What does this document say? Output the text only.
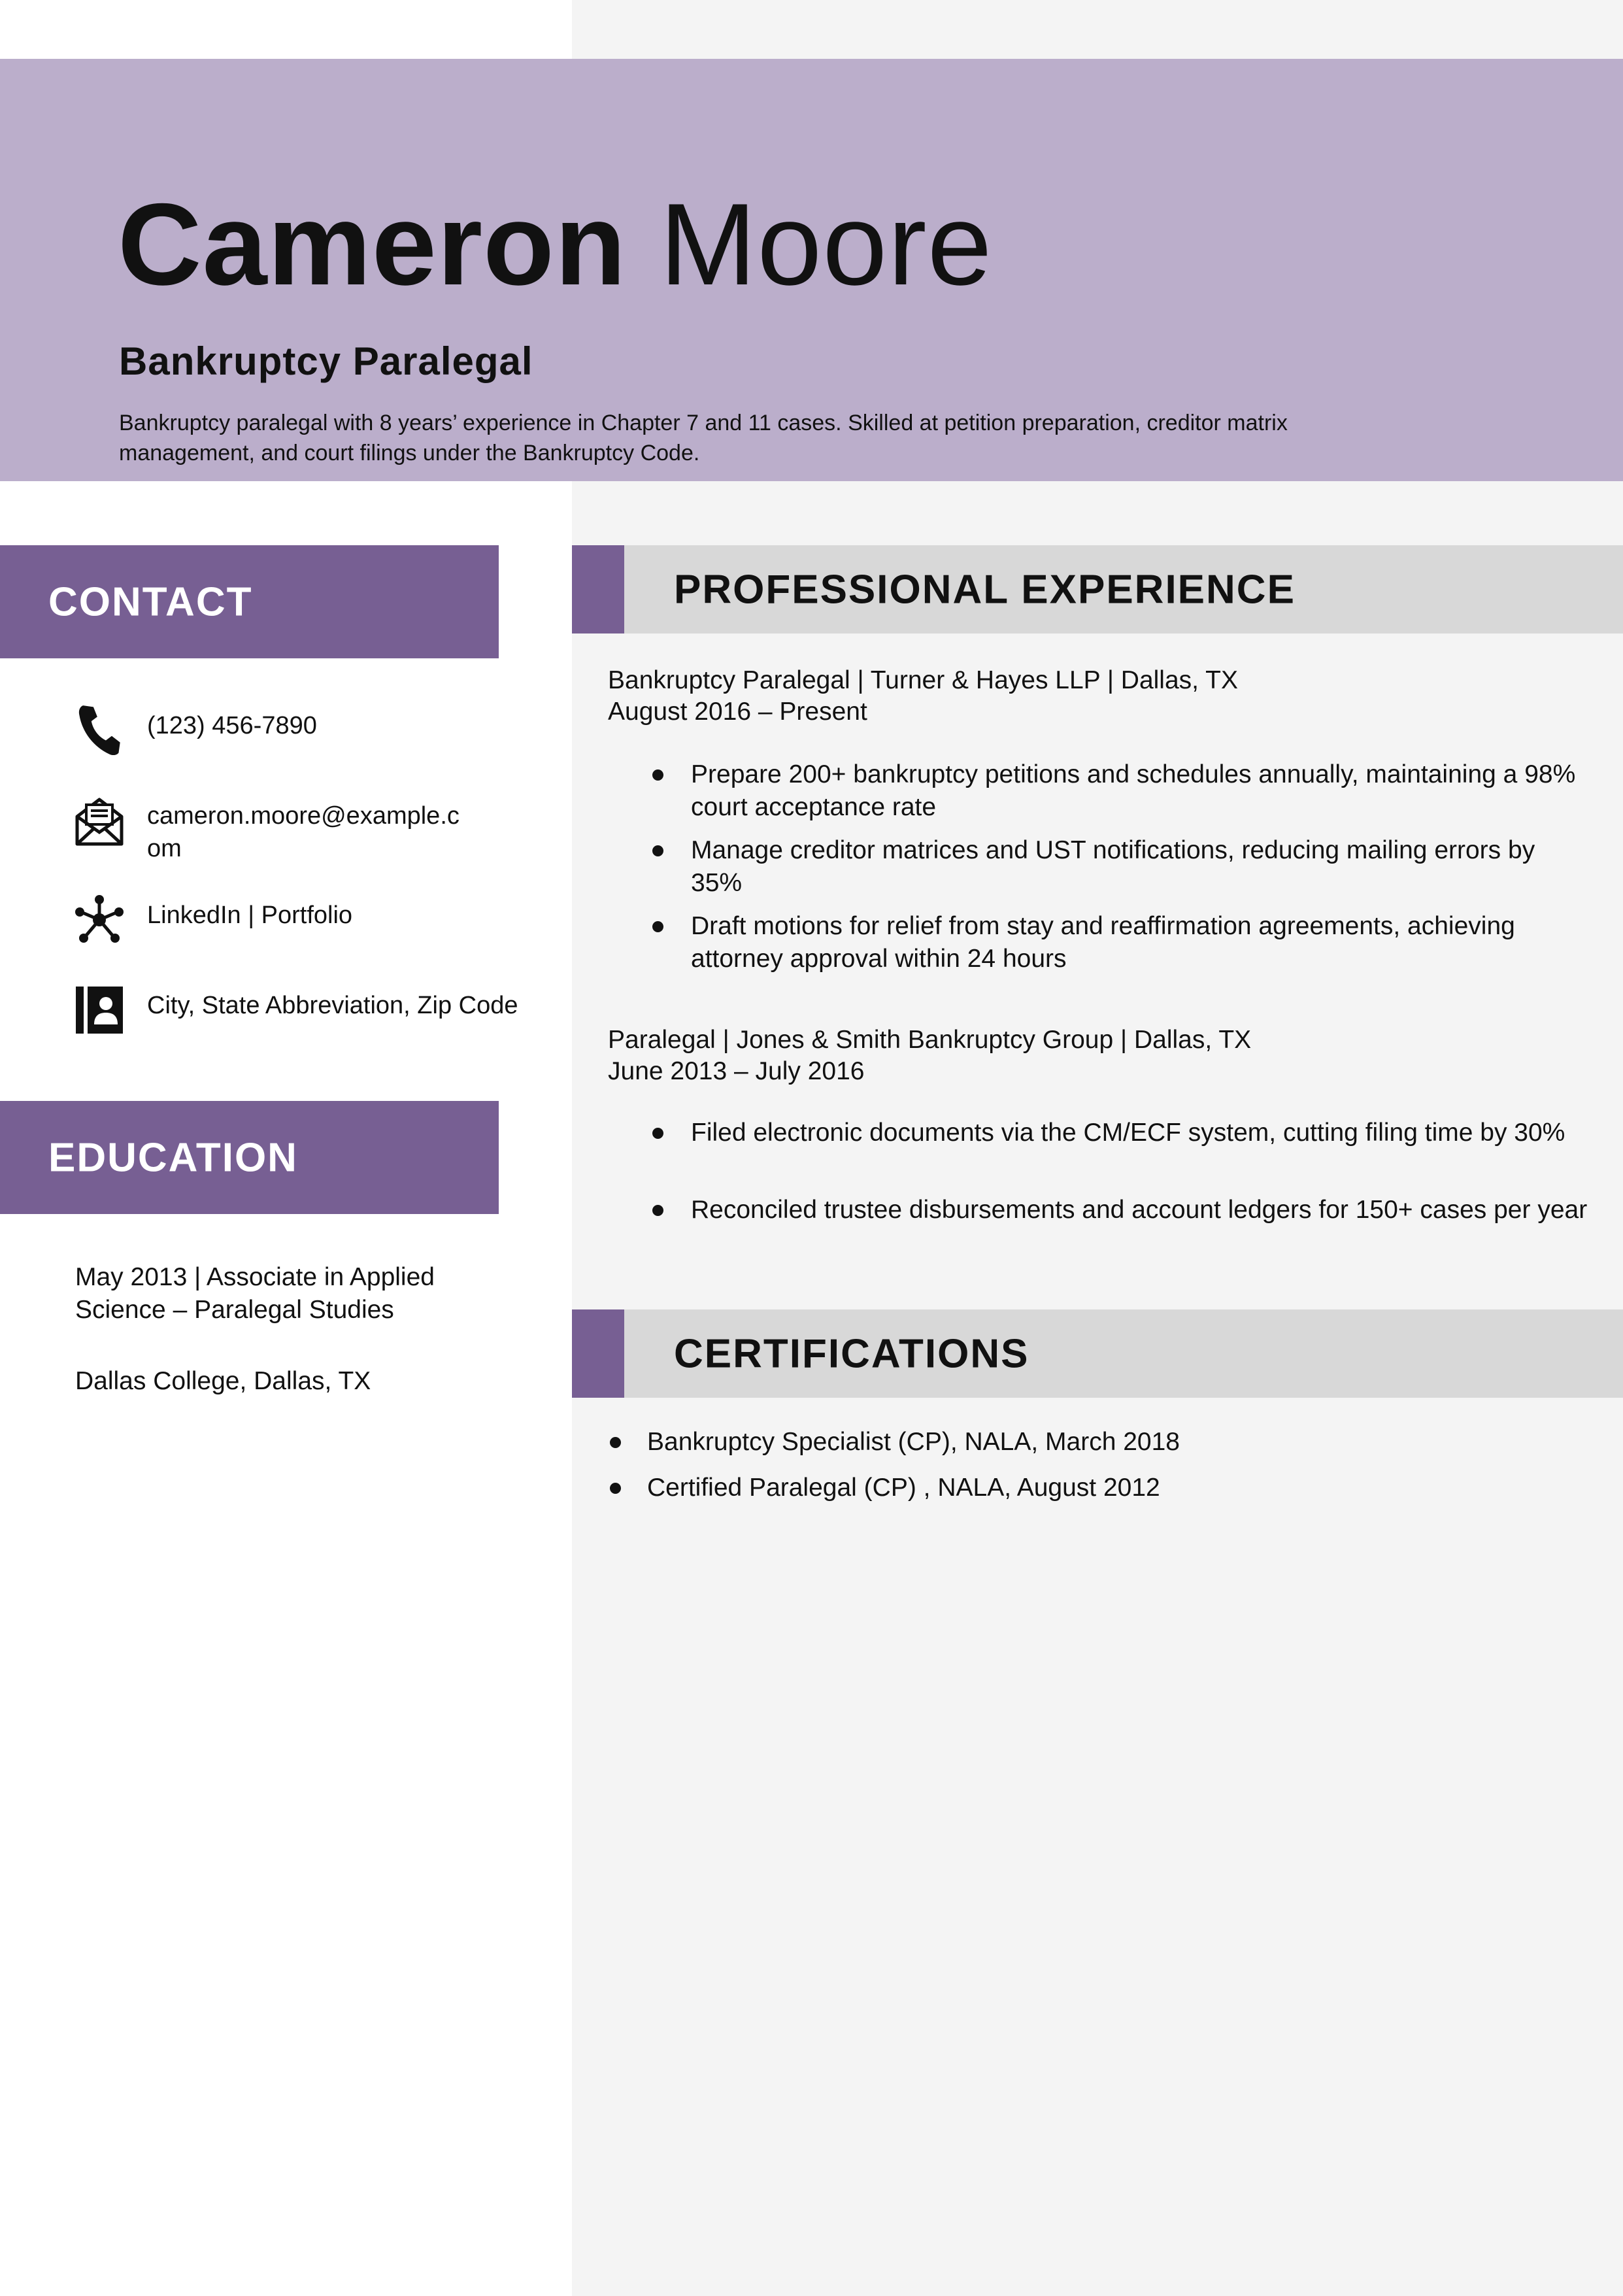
Cameron Moore
Bankruptcy Paralegal
Bankruptcy paralegal with 8 years’ experience in Chapter 7 and 11 cases. Skilled at petition preparation, creditor matrix management, and court filings under the Bankruptcy Code.
CONTACT
(123) 456-7890
cameron.moore@example.c
om
LinkedIn | Portfolio
City, State Abbreviation, Zip Code
EDUCATION
May 2013 | Associate in Applied Science – Paralegal Studies
Dallas College, Dallas, TX
PROFESSIONAL EXPERIENCE
Bankruptcy Paralegal | Turner & Hayes LLP | Dallas, TX
August 2016 – Present
Prepare 200+ bankruptcy petitions and schedules annually, maintaining a 98% court acceptance rate
Manage creditor matrices and UST notifications, reducing mailing errors by 35%
Draft motions for relief from stay and reaffirmation agreements, achieving attorney approval within 24 hours
Paralegal | Jones & Smith Bankruptcy Group | Dallas, TX
June 2013 – July 2016
Filed electronic documents via the CM/ECF system, cutting filing time by 30%
Reconciled trustee disbursements and account ledgers for 150+ cases per year
CERTIFICATIONS
Bankruptcy Specialist (CP), NALA, March 2018
Certified Paralegal (CP) , NALA, August 2012
